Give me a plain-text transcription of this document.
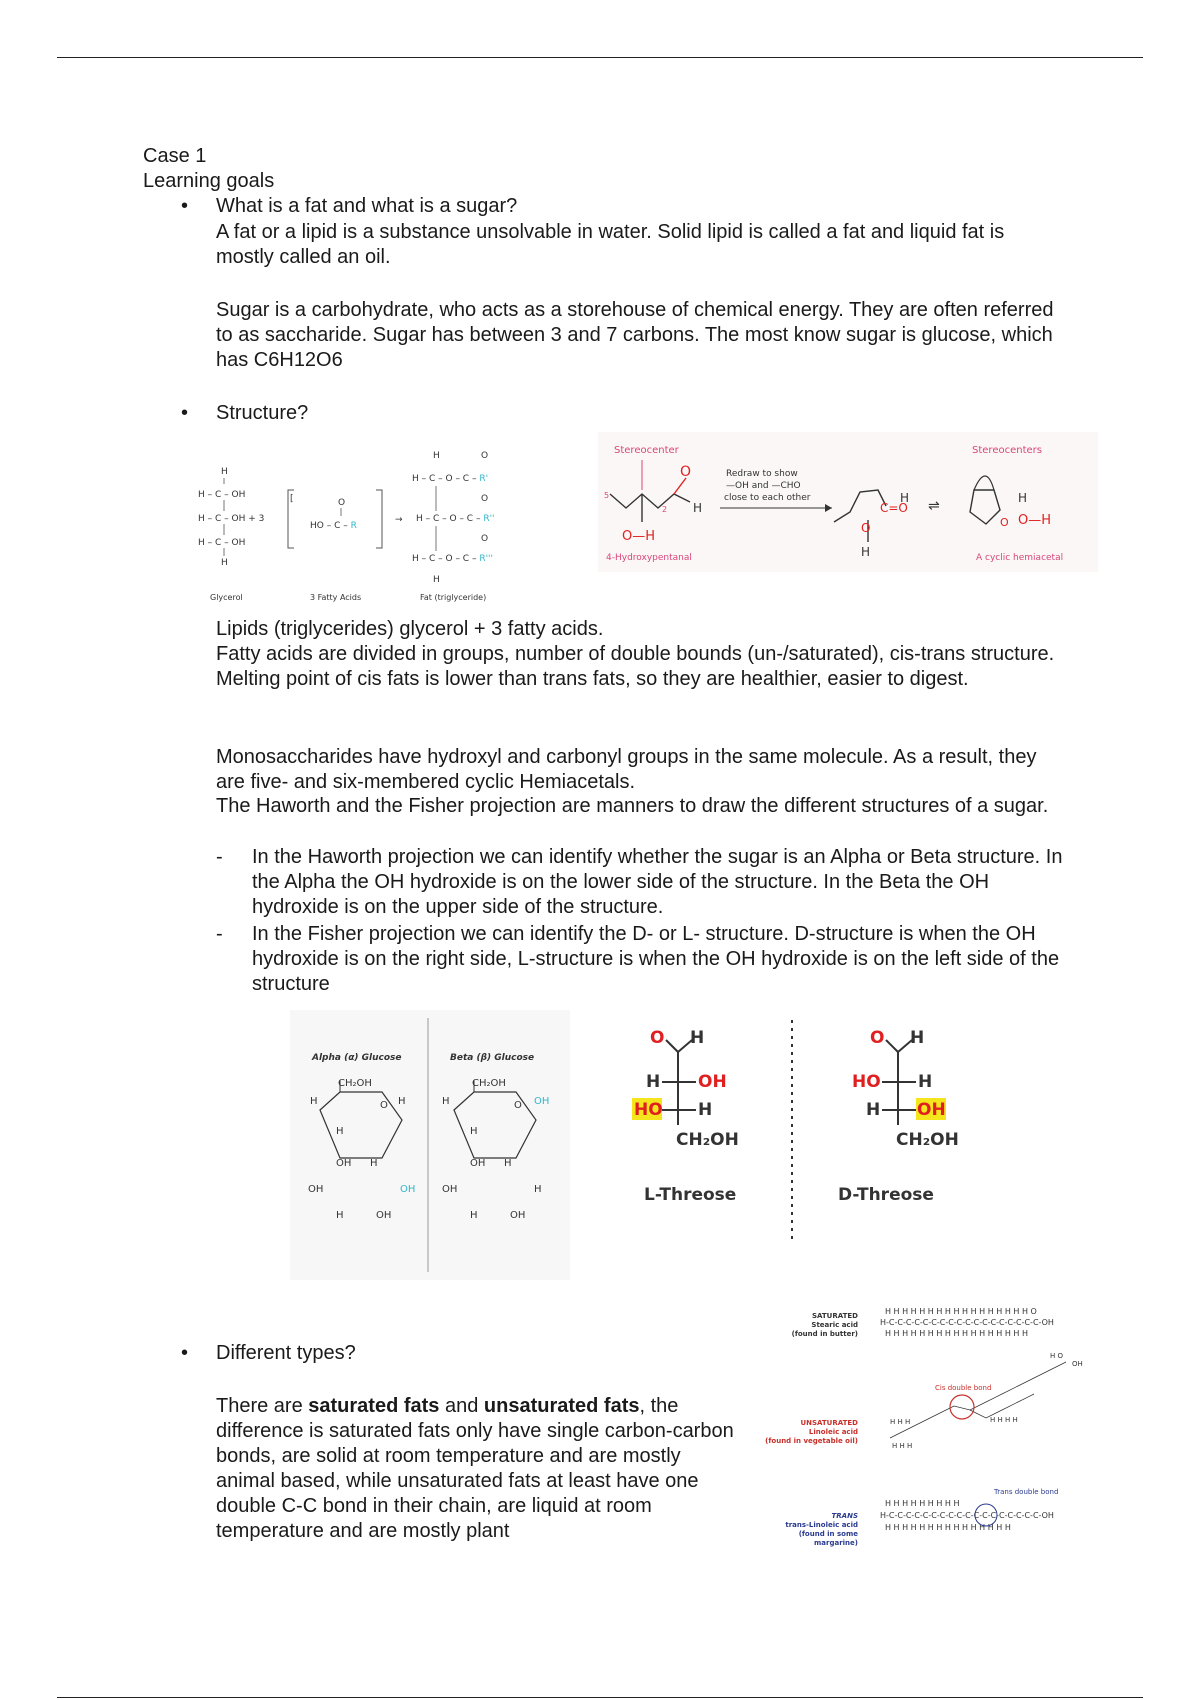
Case 1
Learning goals
• What is a fat and what is a sugar?
A fat or a lipid is a substance unsolvable in water. Solid lipid is called a fat and liquid fat is mostly called an oil.
Sugar is a carbohydrate, who acts as a storehouse of chemical energy. They are often referred to as saccharide. Sugar has between 3 and 7 carbons. The most know sugar is glucose, which has C6H12O6
• Structure?
H
H – C – OH
H – C – OH + 3
H – C – OH
H
[	O
HO – C – R
→
H	O
H – C – O – C – R'
O
H – C – O – C – R''
O
H – C – O – C – R'''
H
Glycerol	3 Fatty Acids	Fat (triglyceride)
Stereocenter	Stereocenters
O
H
O—H
5
2
4-Hydroxypentanal
Redraw to show
—OH and —CHO
close to each other
O
H
C=O
H ⇌
O
H
O—H
A cyclic hemiacetal
Lipids (triglycerides) glycerol + 3 fatty acids.
Fatty acids are divided in groups, number of double bounds (un-/saturated), cis-trans structure. Melting point of cis fats is lower than trans fats, so they are healthier, easier to digest.
Monosaccharides have hydroxyl and carbonyl groups in the same molecule. As a result, they are five- and six-membered cyclic Hemiacetals.
The Haworth and the Fisher projection are manners to draw the different structures of a sugar.
- In the Haworth projection we can identify whether the sugar is an Alpha or Beta structure. In the Alpha the OH hydroxide is on the lower side of the structure. In the Beta the OH hydroxide is on the upper side of the structure.
- In the Fisher projection we can identify the D- or L- structure. D-structure is when the OH hydroxide is on the right side, L-structure is when the OH hydroxide is on the left side of the structure
Alpha (α) Glucose	Beta (β) Glucose
CH₂OH
H	O H
H
OH H
OH	OH
H	OH
CH₂OH
H	O OH
H
OH H
OH	H
H	OH
O H
H OH
HO H
CH₂OH
L-Threose
O H
HO H
H OH
CH₂OH
D-Threose
• Different types?
There are saturated fats and unsaturated fats, the difference is saturated fats only have single carbon-carbon bonds, are solid at room temperature and are mostly animal based, while unsaturated fats at least have one double C-C bond in their chain, are liquid at room temperature and are mostly plant
SATURATED
Stearic acid
(found in butter)
UNSATURATED
Linoleic acid
(found in vegetable oil)
TRANS
trans-Linoleic acid
(found in some
margarine)
H H H H H H H H H H H H H H H H H O
H-C-C-C-C-C-C-C-C-C-C-C-C-C-C-C-C-C-C-OH
H H H H H H H H H H H H H H H H H
H H H
H H H
H O
OH
H H H H
Cis double bond
H H H H H H H H H
H-C-C-C-C-C-C-C-C-C-C-C-C-C-C-C-C-C-C-OH
H H H H H H H H H H H H H H H
Trans double bond
